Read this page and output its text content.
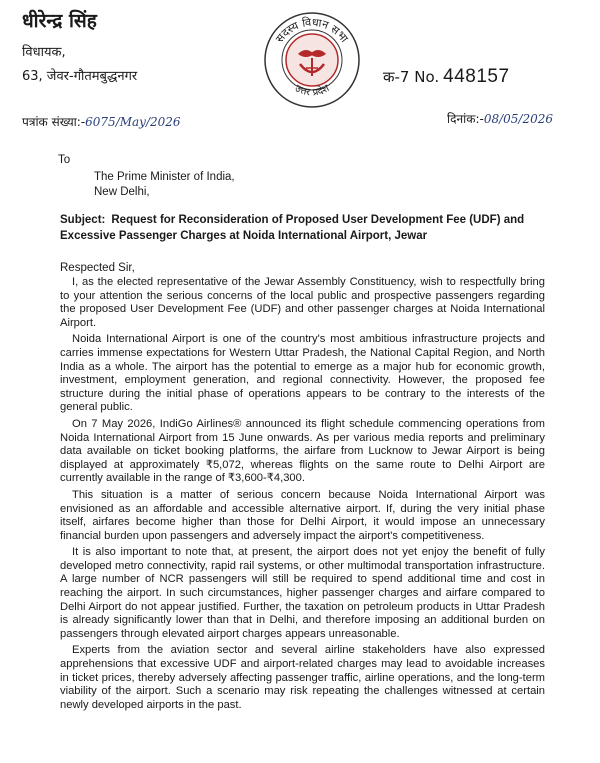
धीरेन्द्र सिंह
विधायक,
63, जेवर-गौतमबुद्धनगर
पत्रांक संख्या:-6075/May/2026
सदस्य विधान सभा
उत्तर प्रदेश
क-7 No. 448157
दिनांक:-08/05/2026
To
The Prime Minister of India,
New Delhi,
Subject: Request for Reconsideration of Proposed User Development Fee (UDF) and Excessive Passenger Charges at Noida International Airport, Jewar
Respected Sir,

I, as the elected representative of the Jewar Assembly Constituency, wish to respectfully bring to your attention the serious concerns of the local public and prospective passengers regarding the proposed User Development Fee (UDF) and other passenger charges at Noida International Airport.

Noida International Airport is one of the country's most ambitious infrastructure projects and carries immense expectations for Western Uttar Pradesh, the National Capital Region, and North India as a whole. The airport has the potential to emerge as a major hub for economic growth, investment, employment generation, and regional connectivity. However, the proposed fee structure during the initial phase of operations appears to be contrary to the interests of the general public.

On 7 May 2026, IndiGo Airlines® announced its flight schedule commencing operations from Noida International Airport from 15 June onwards. As per various media reports and preliminary data available on ticket booking platforms, the airfare from Lucknow to Jewar Airport is being displayed at approximately ₹5,072, whereas flights on the same route to Delhi Airport are currently available in the range of ₹3,600-₹4,300.

This situation is a matter of serious concern because Noida International Airport was envisioned as an affordable and accessible alternative airport. If, during the very initial phase itself, airfares become higher than those for Delhi Airport, it would impose an unnecessary financial burden upon passengers and adversely impact the airport's competitiveness.

It is also important to note that, at present, the airport does not yet enjoy the benefit of fully developed metro connectivity, rapid rail systems, or other multimodal transportation infrastructure. A large number of NCR passengers will still be required to spend additional time and cost in reaching the airport. In such circumstances, higher passenger charges and airfare compared to Delhi Airport do not appear justified. Further, the taxation on petroleum products in Uttar Pradesh is already significantly lower than that in Delhi, and therefore imposing an additional burden on passengers through elevated airport charges appears unreasonable.

Experts from the aviation sector and several airline stakeholders have also expressed apprehensions that excessive UDF and airport-related charges may lead to avoidable increases in ticket prices, thereby adversely affecting passenger traffic, airline operations, and the long-term viability of the airport. Such a scenario may risk repeating the challenges witnessed at certain newly developed airports in the past.
